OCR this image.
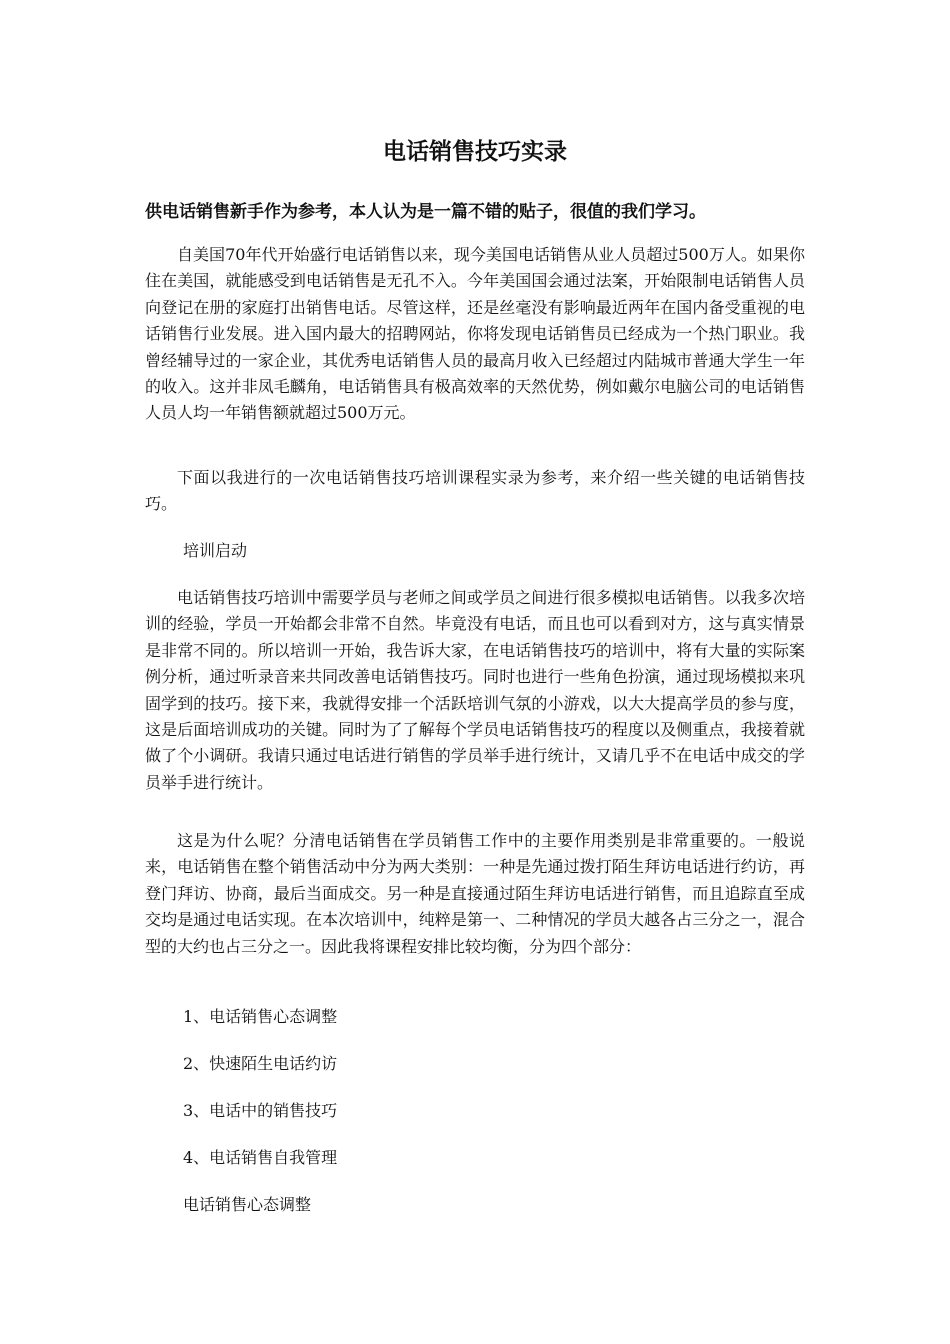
电话销售技巧实录

供电话销售新手作为参考，本人认为是一篇不错的贴子，很值的我们学习。

自美国70年代开始盛行电话销售以来，现今美国电话销售从业人员超过500万人。如果你住在美国，就能感受到电话销售是无孔不入。今年美国国会通过法案，开始限制电话销售人员向登记在册的家庭打出销售电话。尽管这样，还是丝毫没有影响最近两年在国内备受重视的电话销售行业发展。进入国内最大的招聘网站，你将发现电话销售员已经成为一个热门职业。我曾经辅导过的一家企业，其优秀电话销售人员的最高月收入已经超过内陆城市普通大学生一年的收入。这并非凤毛麟角，电话销售具有极高效率的天然优势，例如戴尔电脑公司的电话销售人员人均一年销售额就超过500万元。

下面以我进行的一次电话销售技巧培训课程实录为参考，来介绍一些关键的电话销售技巧。

培训启动

电话销售技巧培训中需要学员与老师之间或学员之间进行很多模拟电话销售。以我多次培训的经验，学员一开始都会非常不自然。毕竟没有电话，而且也可以看到对方，这与真实情景是非常不同的。所以培训一开始，我告诉大家，在电话销售技巧的培训中，将有大量的实际案例分析，通过听录音来共同改善电话销售技巧。同时也进行一些角色扮演，通过现场模拟来巩固学到的技巧。接下来，我就得安排一个活跃培训气氛的小游戏，以大大提高学员的参与度，这是后面培训成功的关键。同时为了了解每个学员电话销售技巧的程度以及侧重点，我接着就做了个小调研。我请只通过电话进行销售的学员举手进行统计，又请几乎不在电话中成交的学员举手进行统计。

这是为什么呢？分清电话销售在学员销售工作中的主要作用类别是非常重要的。一般说来，电话销售在整个销售活动中分为两大类别：一种是先通过拨打陌生拜访电话进行约访，再登门拜访、协商，最后当面成交。另一种是直接通过陌生拜访电话进行销售，而且追踪直至成交均是通过电话实现。在本次培训中，纯粹是第一、二种情况的学员大越各占三分之一，混合型的大约也占三分之一。因此我将课程安排比较均衡，分为四个部分：

1、电话销售心态调整

2、快速陌生电话约访

3、电话中的销售技巧

4、电话销售自我管理

电话销售心态调整
